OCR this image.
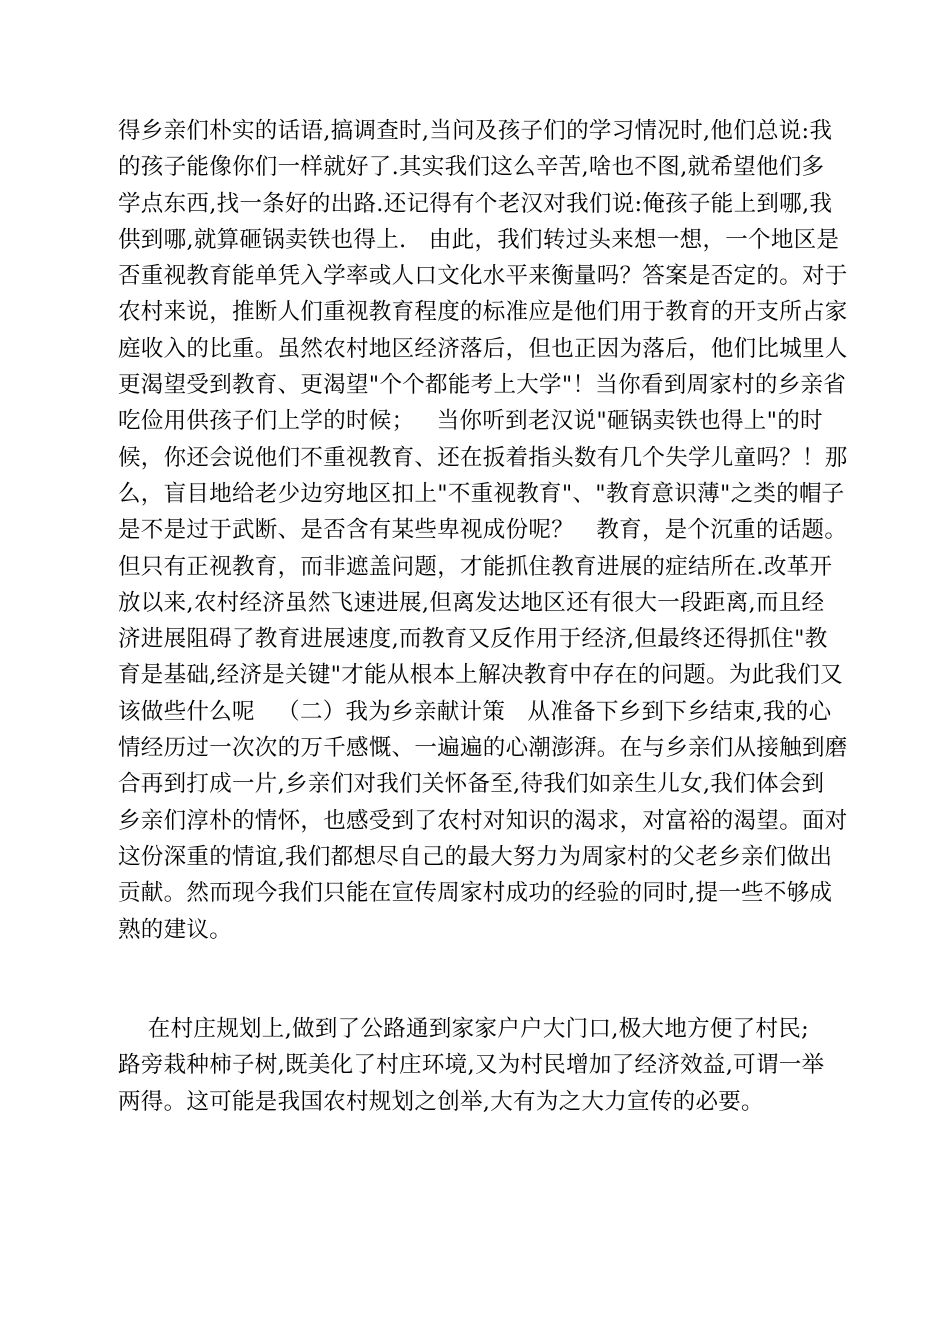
得乡亲们朴实的话语,搞调查时,当问及孩子们的学习情况时,他们总说:我
的孩子能像你们一样就好了.其实我们这么辛苦,啥也不图,就希望他们多
学点东西,找一条好的出路.还记得有个老汉对我们说:俺孩子能上到哪,我
供到哪,就算砸锅卖铁也得上.   由此，我们转过头来想一想，一个地区是
否重视教育能单凭入学率或人口文化水平来衡量吗？答案是否定的。对于
农村来说，推断人们重视教育程度的标准应是他们用于教育的开支所占家
庭收入的比重。虽然农村地区经济落后，但也正因为落后，他们比城里人
更渴望受到教育、更渴望"个个都能考上大学"！当你看到周家村的乡亲省
吃俭用供孩子们上学的时候；   当你听到老汉说"砸锅卖铁也得上"的时
候，你还会说他们不重视教育、还在扳着指头数有几个失学儿童吗？！那
么，盲目地给老少边穷地区扣上"不重视教育"、"教育意识薄"之类的帽子
是不是过于武断、是否含有某些卑视成份呢？   教育，是个沉重的话题。
但只有正视教育，而非遮盖问题，才能抓住教育进展的症结所在.改革开
放以来,农村经济虽然飞速进展,但离发达地区还有很大一段距离,而且经
济进展阻碍了教育进展速度,而教育又反作用于经济,但最终还得抓住"教
育是基础,经济是关键"才能从根本上解决教育中存在的问题。为此我们又
该做些什么呢   （二）我为乡亲献计策   从准备下乡到下乡结束,我的心
情经历过一次次的万千感慨、一遍遍的心潮澎湃。在与乡亲们从接触到磨
合再到打成一片,乡亲们对我们关怀备至,待我们如亲生儿女,我们体会到
乡亲们淳朴的情怀，也感受到了农村对知识的渴求，对富裕的渴望。面对
这份深重的情谊,我们都想尽自己的最大努力为周家村的父老乡亲们做出
贡献。然而现今我们只能在宣传周家村成功的经验的同时,提一些不够成
熟的建议。
在村庄规划上,做到了公路通到家家户户大门口,极大地方便了村民;
路旁栽种柿子树,既美化了村庄环境,又为村民增加了经济效益,可谓一举
两得。这可能是我国农村规划之创举,大有为之大力宣传的必要。
